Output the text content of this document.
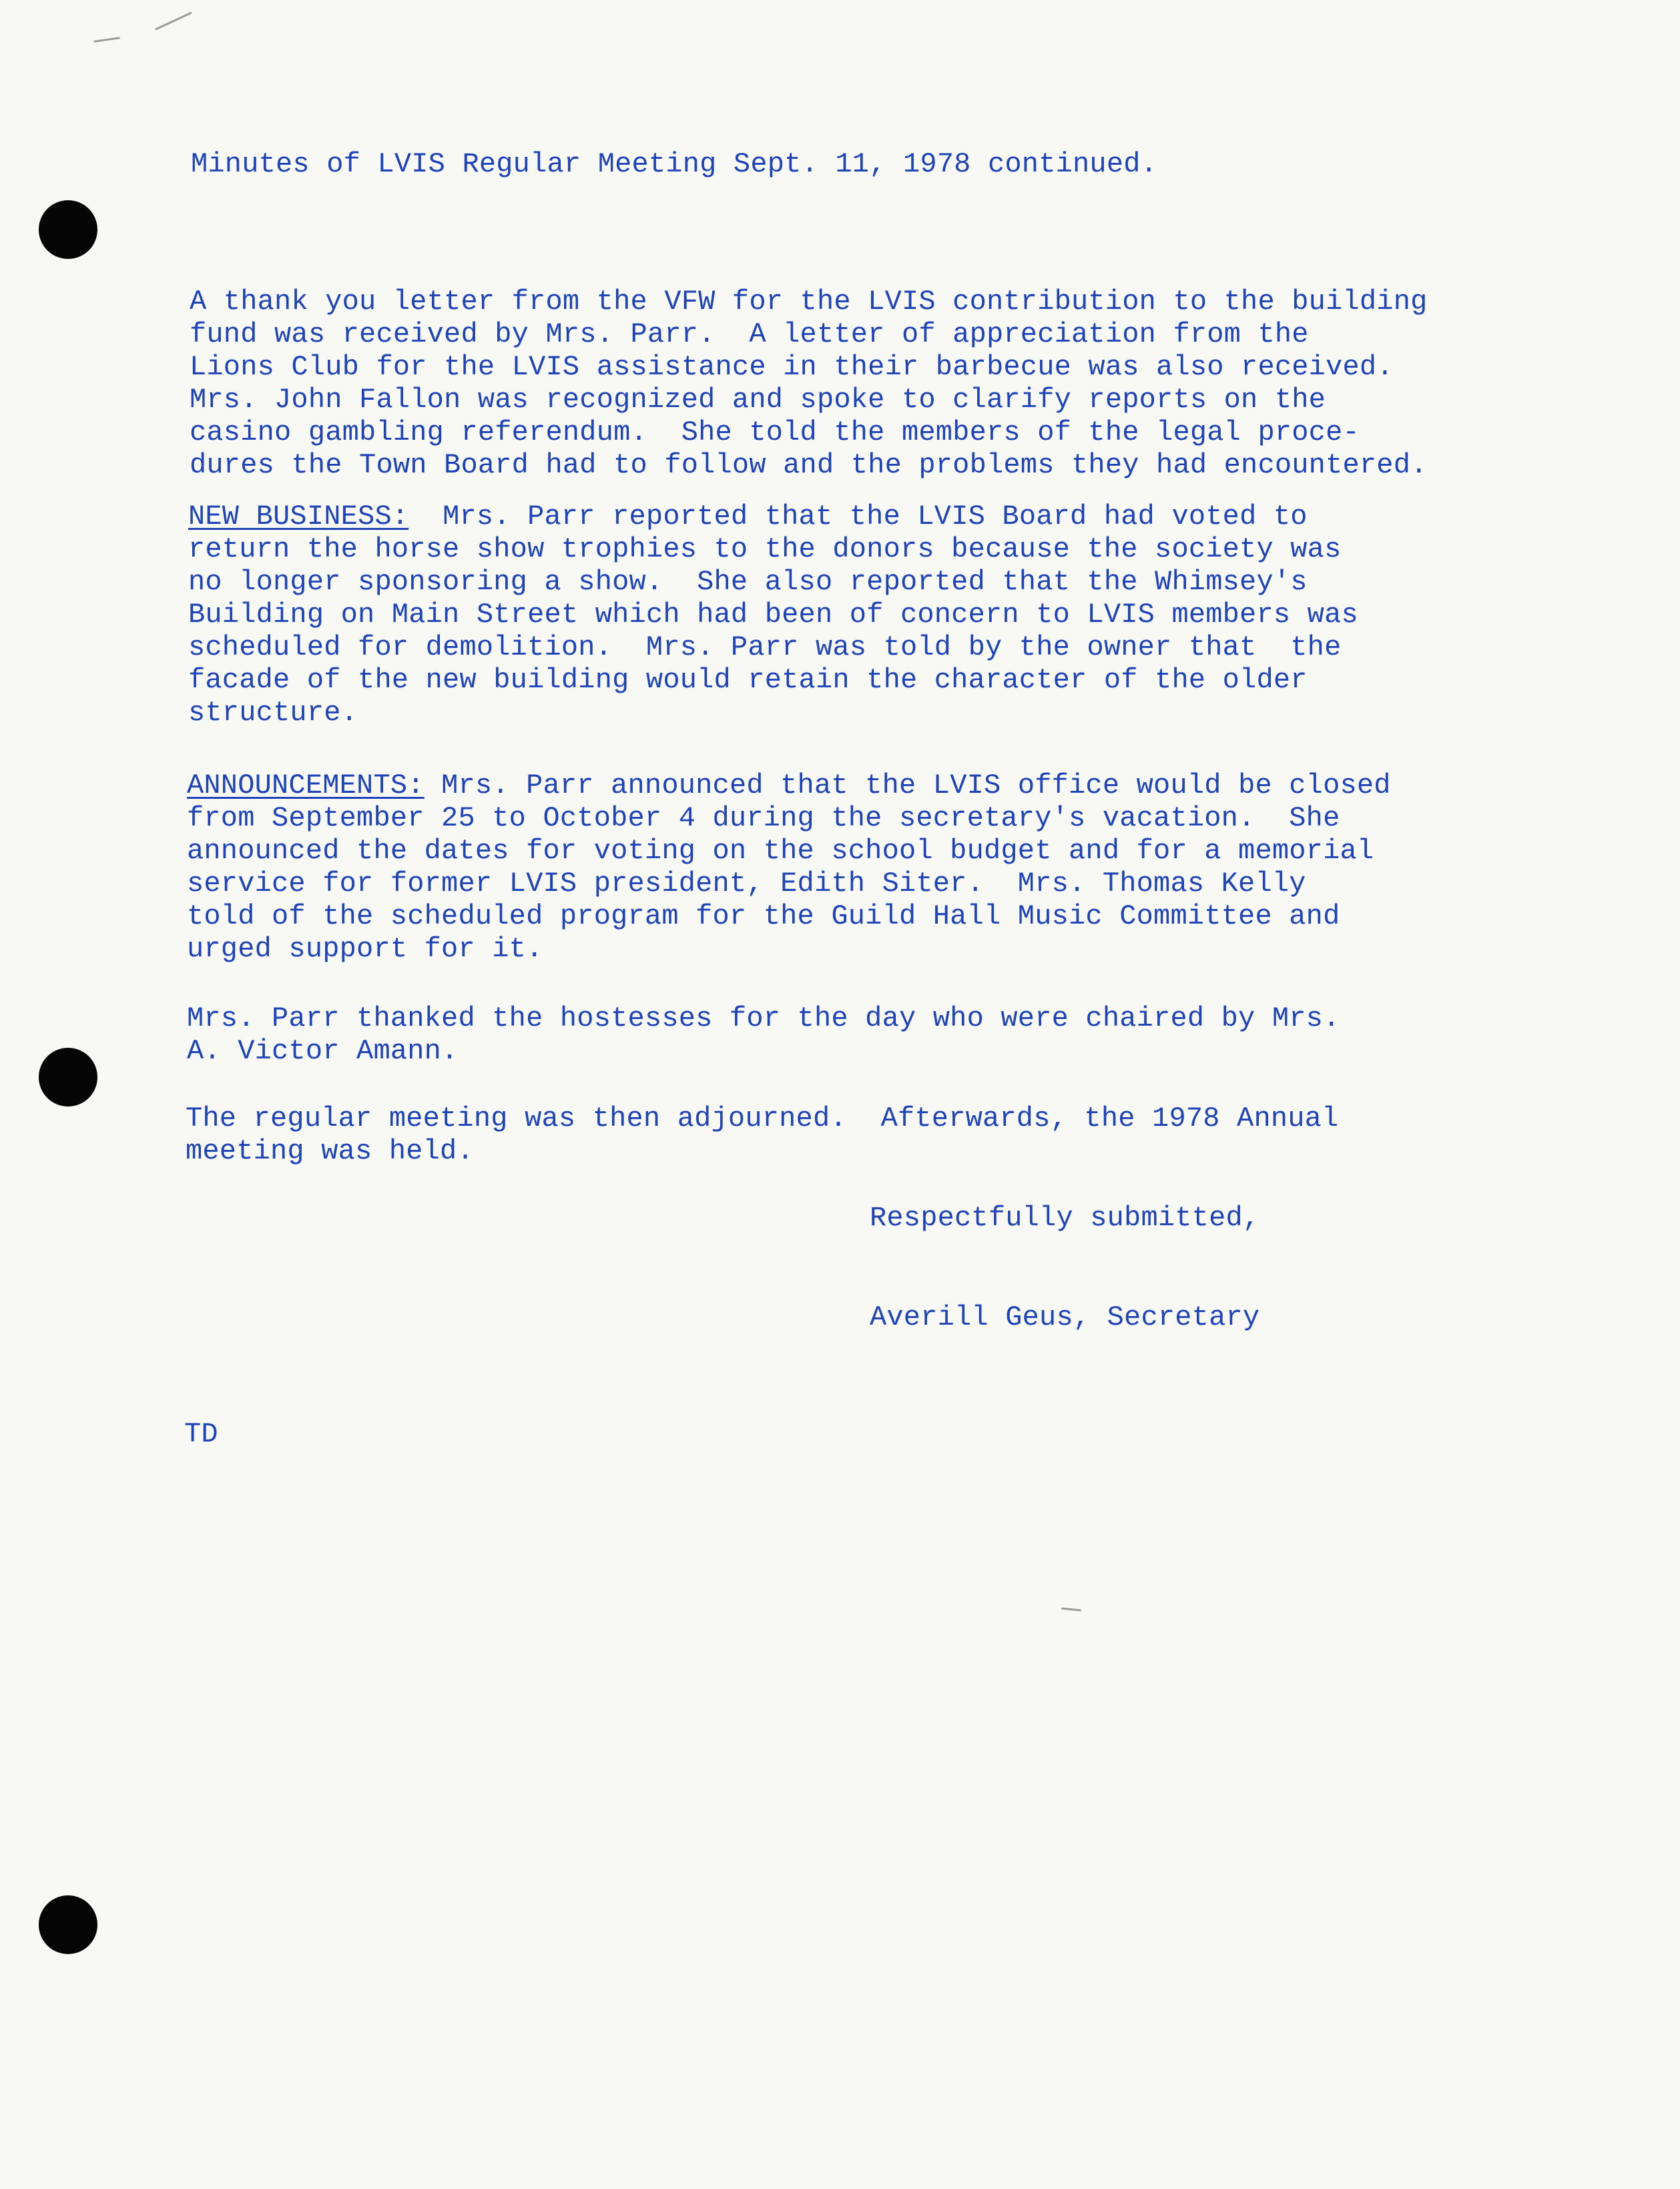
Minutes of LVIS Regular Meeting Sept. 11, 1978 continued.
A thank you letter from the VFW for the LVIS contribution to the building
fund was received by Mrs. Parr.  A letter of appreciation from the
Lions Club for the LVIS assistance in their barbecue was also received.
Mrs. John Fallon was recognized and spoke to clarify reports on the
casino gambling referendum.  She told the members of the legal proce-
dures the Town Board had to follow and the problems they had encountered.
NEW BUSINESS:  Mrs. Parr reported that the LVIS Board had voted to
return the horse show trophies to the donors because the society was
no longer sponsoring a show.  She also reported that the Whimsey's
Building on Main Street which had been of concern to LVIS members was
scheduled for demolition.  Mrs. Parr was told by the owner that  the
facade of the new building would retain the character of the older
structure.
ANNOUNCEMENTS: Mrs. Parr announced that the LVIS office would be closed
from September 25 to October 4 during the secretary's vacation.  She
announced the dates for voting on the school budget and for a memorial
service for former LVIS president, Edith Siter.  Mrs. Thomas Kelly
told of the scheduled program for the Guild Hall Music Committee and
urged support for it.
Mrs. Parr thanked the hostesses for the day who were chaired by Mrs.
A. Victor Amann.
The regular meeting was then adjourned.  Afterwards, the 1978 Annual
meeting was held.
Respectfully submitted,
Averill Geus, Secretary
TD
